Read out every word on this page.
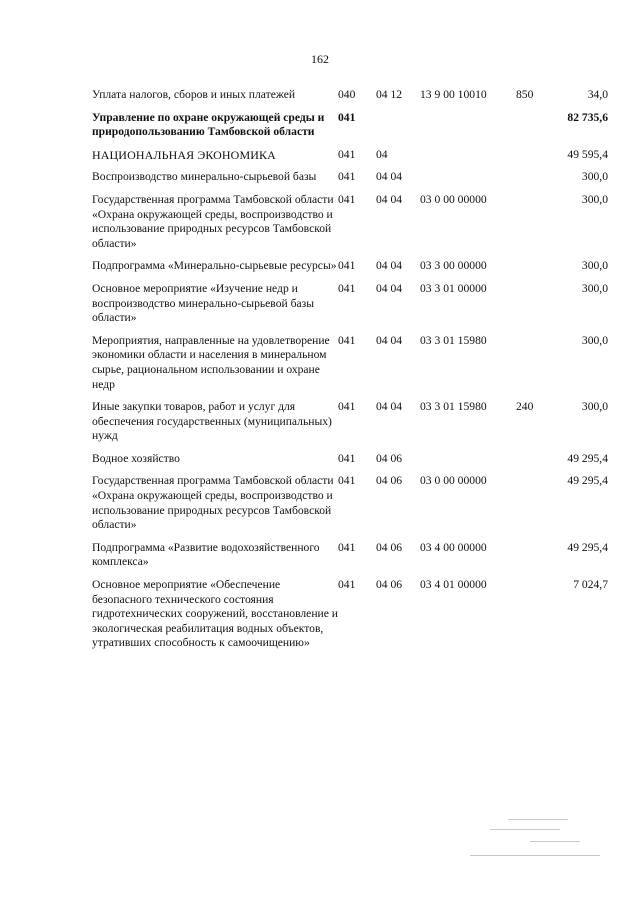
162
Уплата налогов, сборов и иных платежей	040	04 12	13 9 00 10010	850	34,0
Управление по охране окружающей среды и природопользованию Тамбовской области	041				82 735,6
НАЦИОНАЛЬНАЯ ЭКОНОМИКА	041	04			49 595,4
Воспроизводство минерально-сырьевой базы	041	04 04			300,0
Государственная программа Тамбовской области «Охрана окружающей среды, воспроизводство и использование природных ресурсов Тамбовской области»	041	04 04	03 0 00 00000		300,0
Подпрограмма «Минерально-сырьевые ресурсы»	041	04 04	03 3 00 00000		300,0
Основное мероприятие «Изучение недр и воспроизводство минерально-сырьевой базы области»	041	04 04	03 3 01 00000		300,0
Мероприятия, направленные на удовлетворение экономики области и населения в минеральном сырье, рациональном использовании и охране недр	041	04 04	03 3 01 15980		300,0
Иные закупки товаров, работ и услуг для обеспечения государственных (муниципальных) нужд	041	04 04	03 3 01 15980	240	300,0
Водное хозяйство	041	04 06			49 295,4
Государственная программа Тамбовской области «Охрана окружающей среды, воспроизводство и использование природных ресурсов Тамбовской области»	041	04 06	03 0 00 00000		49 295,4
Подпрограмма «Развитие водохозяйственного комплекса»	041	04 06	03 4 00 00000		49 295,4
Основное мероприятие «Обеспечение безопасного технического состояния гидротехнических сооружений, восстановление и экологическая реабилитация водных объектов, утративших способность к самоочищению»	041	04 06	03 4 01 00000		7 024,7
